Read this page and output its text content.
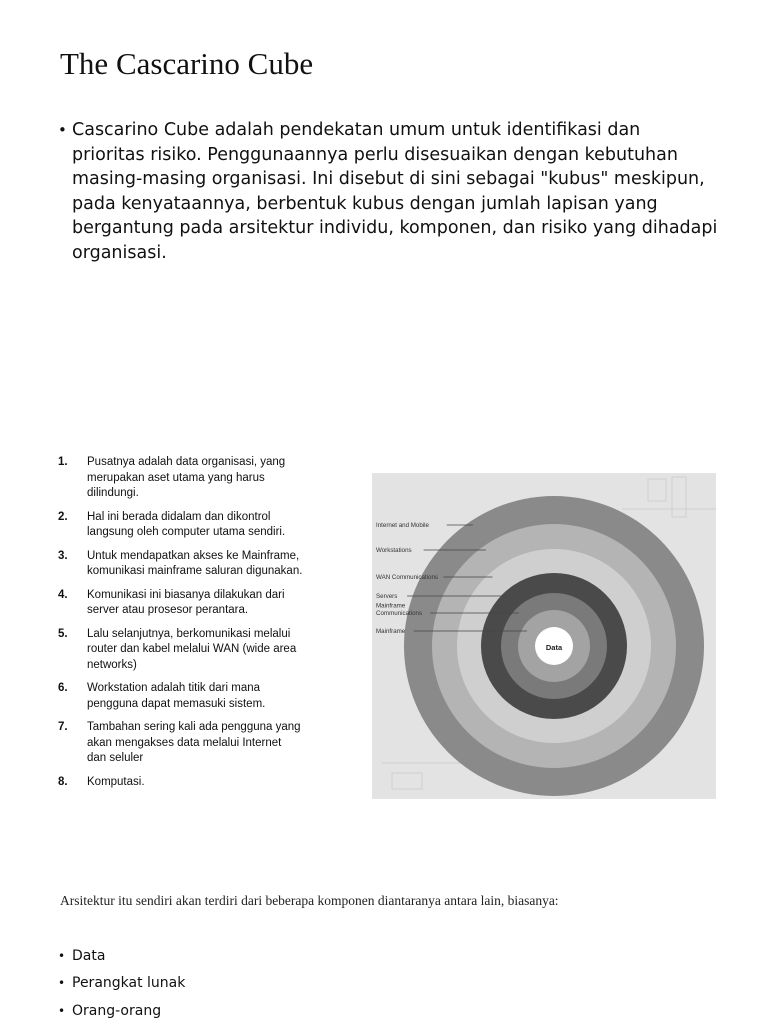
The Cascarino Cube
• Cascarino Cube adalah pendekatan umum untuk identifikasi dan prioritas risiko. Penggunaannya perlu disesuaikan dengan kebutuhan masing-masing organisasi. Ini disebut di sini sebagai "kubus" meskipun, pada kenyataannya, berbentuk kubus dengan jumlah lapisan yang bergantung pada arsitektur individu, komponen, dan risiko yang dihadapi organisasi.
1.	Pusatnya adalah data organisasi, yang merupakan aset utama yang harus dilindungi.
2.	Hal ini berada didalam dan dikontrol langsung oleh computer utama sendiri.
3.	Untuk mendapatkan akses ke Mainframe, komunikasi mainframe saluran digunakan.
4.	Komunikasi ini biasanya dilakukan dari server atau prosesor perantara.
5.	Lalu selanjutnya, berkomunikasi melalui router dan kabel melalui WAN (wide area networks)
6.	Workstation adalah titik dari mana pengguna dapat memasuki sistem.
7.	Tambahan sering kali ada pengguna yang akan mengakses data melalui Internet dan seluler
8.	Komputasi.
Internet and Mobile
Workstations
WAN Communications
Servers
Mainframe
Communications
Mainframe
Data
Arsitektur itu sendiri akan terdiri dari beberapa komponen diantaranya antara lain, biasanya:
• Data
• Perangkat lunak
• Orang-orang
